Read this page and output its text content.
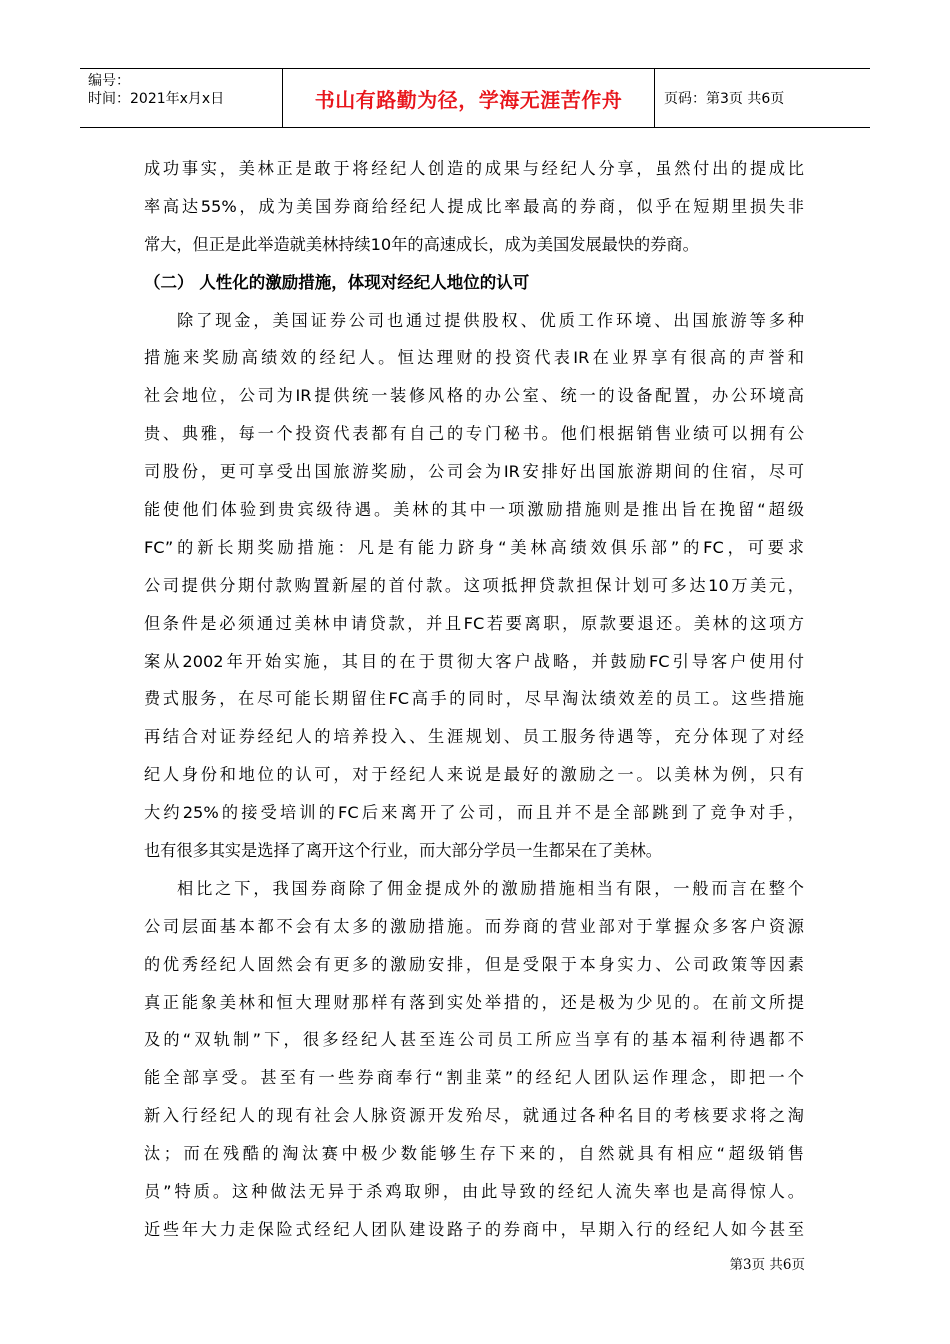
编号：
时间：2021年x月x日	书山有路勤为径，学海无涯苦作舟	页码：第3页 共6页
成功事实，美林正是敢于将经纪人创造的成果与经纪人分享，虽然付出的提成比
率高达55%，成为美国券商给经纪人提成比率最高的券商，似乎在短期里损失非
常大，但正是此举造就美林持续10年的高速成长，成为美国发展最快的券商。
（二） 人性化的激励措施，体现对经纪人地位的认可
除了现金，美国证券公司也通过提供股权、优质工作环境、出国旅游等多种
措施来奖励高绩效的经纪人。恒达理财的投资代表IR在业界享有很高的声誉和
社会地位，公司为IR提供统一装修风格的办公室、统一的设备配置，办公环境高
贵、典雅，每一个投资代表都有自己的专门秘书。他们根据销售业绩可以拥有公
司股份，更可享受出国旅游奖励，公司会为IR安排好出国旅游期间的住宿，尽可
能使他们体验到贵宾级待遇。美林的其中一项激励措施则是推出旨在挽留“超级
FC”的新长期奖励措施：凡是有能力跻身“美林高绩效俱乐部”的FC，可要求
公司提供分期付款购置新屋的首付款。这项抵押贷款担保计划可多达10万美元，
但条件是必须通过美林申请贷款，并且FC若要离职，原款要退还。美林的这项方
案从2002年开始实施，其目的在于贯彻大客户战略，并鼓励FC引导客户使用付
费式服务，在尽可能长期留住FC高手的同时，尽早淘汰绩效差的员工。这些措施
再结合对证券经纪人的培养投入、生涯规划、员工服务待遇等，充分体现了对经
纪人身份和地位的认可，对于经纪人来说是最好的激励之一。以美林为例，只有
大约25%的接受培训的FC后来离开了公司，而且并不是全部跳到了竞争对手，
也有很多其实是选择了离开这个行业，而大部分学员一生都呆在了美林。
相比之下，我国券商除了佣金提成外的激励措施相当有限，一般而言在整个
公司层面基本都不会有太多的激励措施。而券商的营业部对于掌握众多客户资源
的优秀经纪人固然会有更多的激励安排，但是受限于本身实力、公司政策等因素
真正能象美林和恒大理财那样有落到实处举措的，还是极为少见的。在前文所提
及的“双轨制”下，很多经纪人甚至连公司员工所应当享有的基本福利待遇都不
能全部享受。甚至有一些券商奉行“割韭菜”的经纪人团队运作理念，即把一个
新入行经纪人的现有社会人脉资源开发殆尽，就通过各种名目的考核要求将之淘
汰；而在残酷的淘汰赛中极少数能够生存下来的，自然就具有相应“超级销售
员”特质。这种做法无异于杀鸡取卵，由此导致的经纪人流失率也是高得惊人。
近些年大力走保险式经纪人团队建设路子的券商中，早期入行的经纪人如今甚至
第3页 共6页
